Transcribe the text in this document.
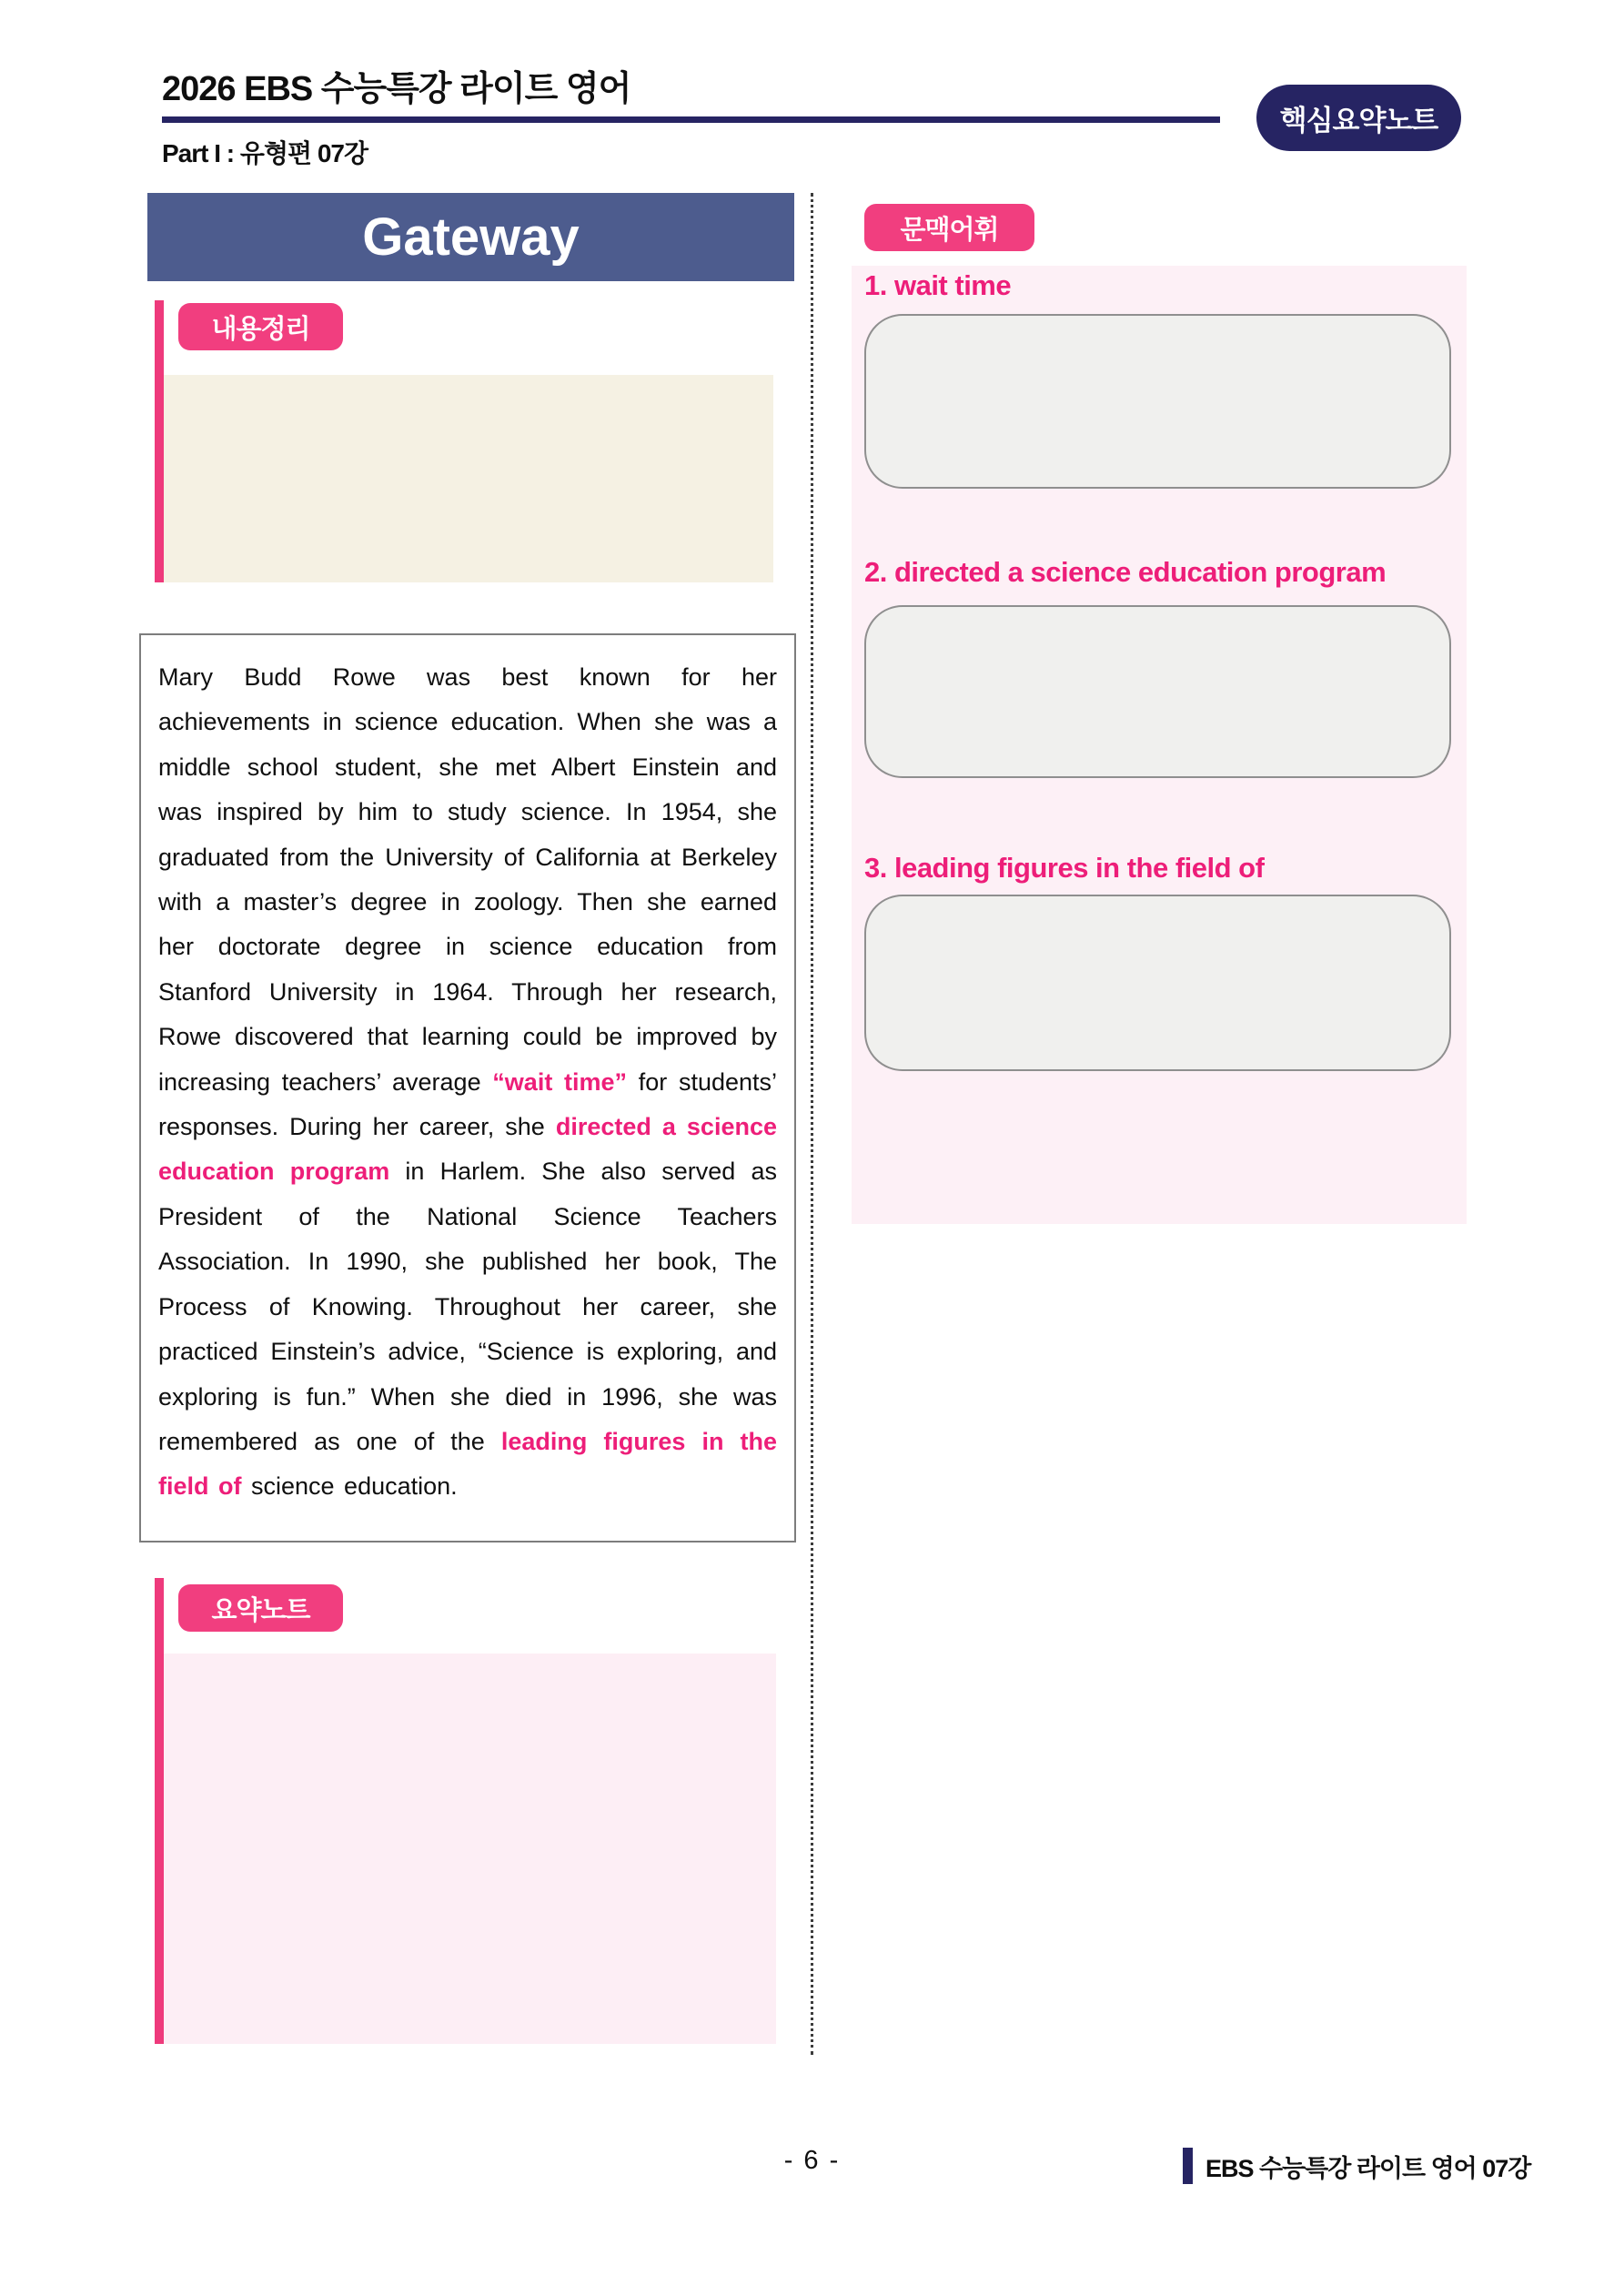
2026 EBS 수능특강 라이트 영어
핵심요약노트
Part I : 유형편 07강
Gateway
내용정리
Mary Budd Rowe was best known for her achievements in science education. When she was a middle school student, she met Albert Einstein and was inspired by him to study science. In 1954, she graduated from the University of California at Berkeley with a master’s degree in zoology. Then she earned her doctorate degree in science education from Stanford University in 1964. Through her research, Rowe discovered that learning could be improved by increasing teachers’ average “wait time” for students’ responses. During her career, she directed a science education program in Harlem. She also served as President of the National Science Teachers Association. In 1990, she published her book, The Process of Knowing. Throughout her career, she practiced Einstein’s advice, “Science is exploring, and exploring is fun.” When she died in 1996, she was remembered as one of the leading figures in the field of science education.
요약노트
문맥어휘
1. wait time
2. directed a science education program
3. leading figures in the field of
- 6 -	EBS 수능특강 라이트 영어 07강
